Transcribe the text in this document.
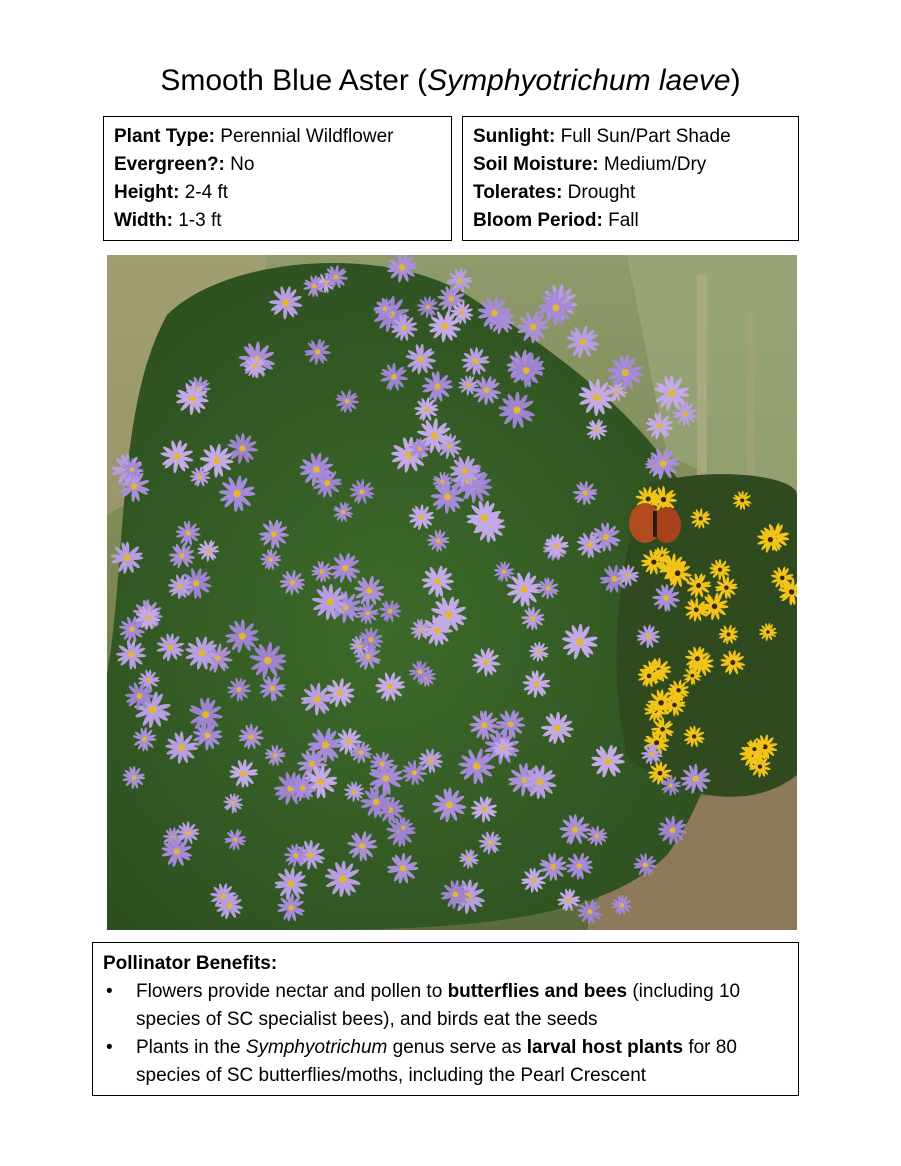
Smooth Blue Aster (Symphyotrichum laeve)
Plant Type: Perennial Wildflower
Evergreen?: No
Height: 2-4 ft
Width: 1-3 ft
Sunlight: Full Sun/Part Shade
Soil Moisture: Medium/Dry
Tolerates: Drought
Bloom Period: Fall
Pollinator Benefits:
• Flowers provide nectar and pollen to butterflies and bees (including 10 species of SC specialist bees), and birds eat the seeds
• Plants in the Symphyotrichum genus serve as larval host plants for 80 species of SC butterflies/moths, including the Pearl Crescent
